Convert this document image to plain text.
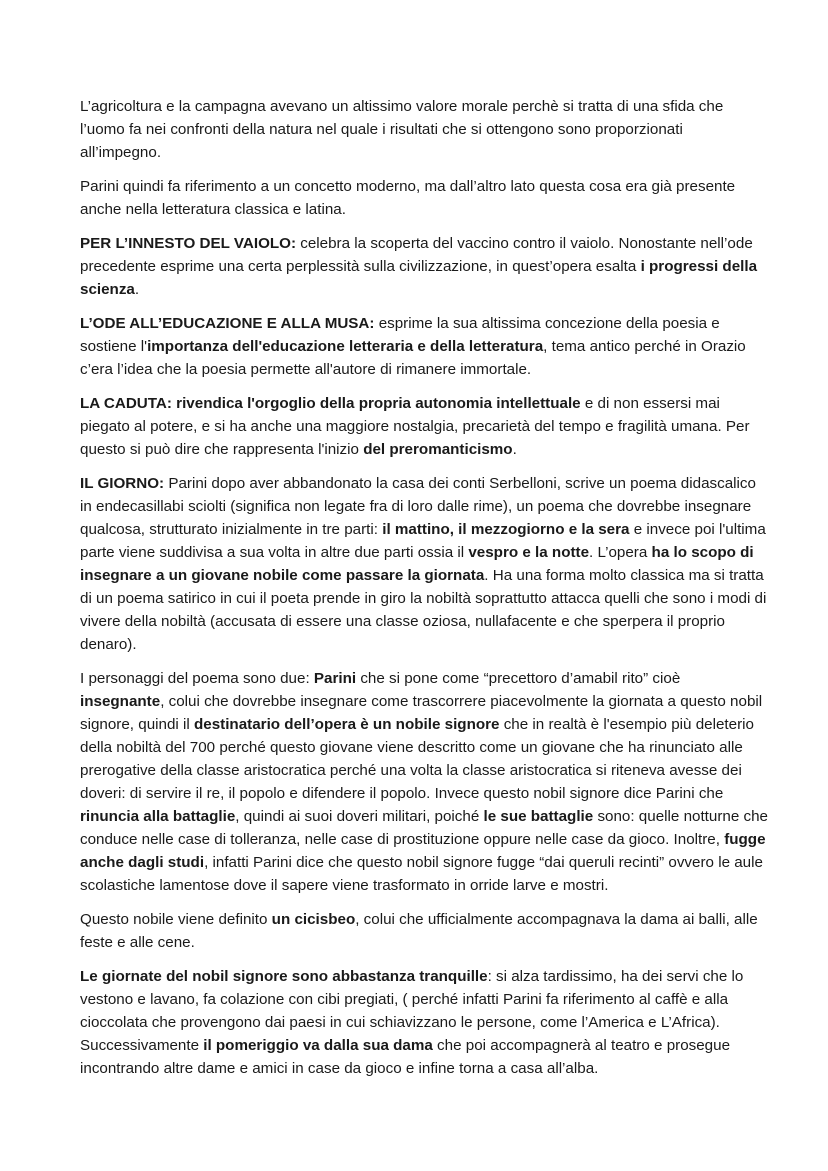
L’agricoltura e la campagna avevano un altissimo valore morale perchè si tratta di una sfida che l’uomo fa nei confronti della natura nel quale i risultati che si ottengono sono proporzionati all’impegno.

Parini quindi fa riferimento a un concetto moderno, ma dall’altro lato questa cosa era già presente anche nella letteratura classica e latina.

PER L’INNESTO DEL VAIOLO: celebra la scoperta del vaccino contro il vaiolo. Nonostante nell’ode precedente esprime una certa perplessità sulla civilizzazione, in quest’opera esalta i progressi della scienza.

L’ODE ALL’EDUCAZIONE E ALLA MUSA: esprime la sua altissima concezione della poesia e sostiene l'importanza dell'educazione letteraria e della letteratura, tema antico perché in Orazio c’era l’idea che la poesia permette all'autore di rimanere immortale.

LA CADUTA: rivendica l'orgoglio della propria autonomia intellettuale e di non essersi mai piegato al potere, e si ha anche una maggiore nostalgia, precarietà del tempo e fragilità umana. Per questo si può dire che rappresenta l'inizio del preromanticismo.

IL GIORNO: Parini dopo aver abbandonato la casa dei conti Serbelloni, scrive un poema didascalico in endecasillabi sciolti (significa non legate fra di loro dalle rime), un poema che dovrebbe insegnare qualcosa, strutturato inizialmente in tre parti: il mattino, il mezzogiorno e la sera e invece poi l'ultima parte viene suddivisa a sua volta in altre due parti ossia il vespro e la notte. L’opera ha lo scopo di insegnare a un giovane nobile come passare la giornata. Ha una forma molto classica ma si tratta di un poema satirico in cui il poeta prende in giro la nobiltà soprattutto attacca quelli che sono i modi di vivere della nobiltà (accusata di essere una classe oziosa, nullafacente e che sperpera il proprio denaro).

I personaggi del poema sono due: Parini che si pone come “precettoro d’amabil rito” cioè insegnante, colui che dovrebbe insegnare come trascorrere piacevolmente la giornata a questo nobil signore, quindi il destinatario dell’opera è un nobile signore che in realtà è l'esempio più deleterio della nobiltà del 700 perché questo giovane viene descritto come un giovane che ha rinunciato alle prerogative della classe aristocratica perché una volta la classe aristocratica si riteneva avesse dei doveri: di servire il re, il popolo e difendere il popolo. Invece questo nobil signore dice Parini che rinuncia alla battaglie, quindi ai suoi doveri militari, poiché le sue battaglie sono: quelle notturne che conduce nelle case di tolleranza, nelle case di prostituzione oppure nelle case da gioco. Inoltre, fugge anche dagli studi, infatti Parini dice che questo nobil signore fugge “dai queruli recinti” ovvero le aule scolastiche lamentose dove il sapere viene trasformato in orride larve e mostri.

Questo nobile viene definito un cicisbeo, colui che ufficialmente accompagnava la dama ai balli, alle feste e alle cene.

Le giornate del nobil signore sono abbastanza tranquille: si alza tardissimo, ha dei servi che lo vestono e lavano, fa colazione con cibi pregiati, ( perché infatti Parini fa riferimento al caffè e alla cioccolata che provengono dai paesi in cui schiavizzano le persone, come l’America e L’Africa). Successivamente il pomeriggio va dalla sua dama che poi accompagnerà al teatro e prosegue incontrando altre dame e amici in case da gioco e infine torna a casa all’alba.
